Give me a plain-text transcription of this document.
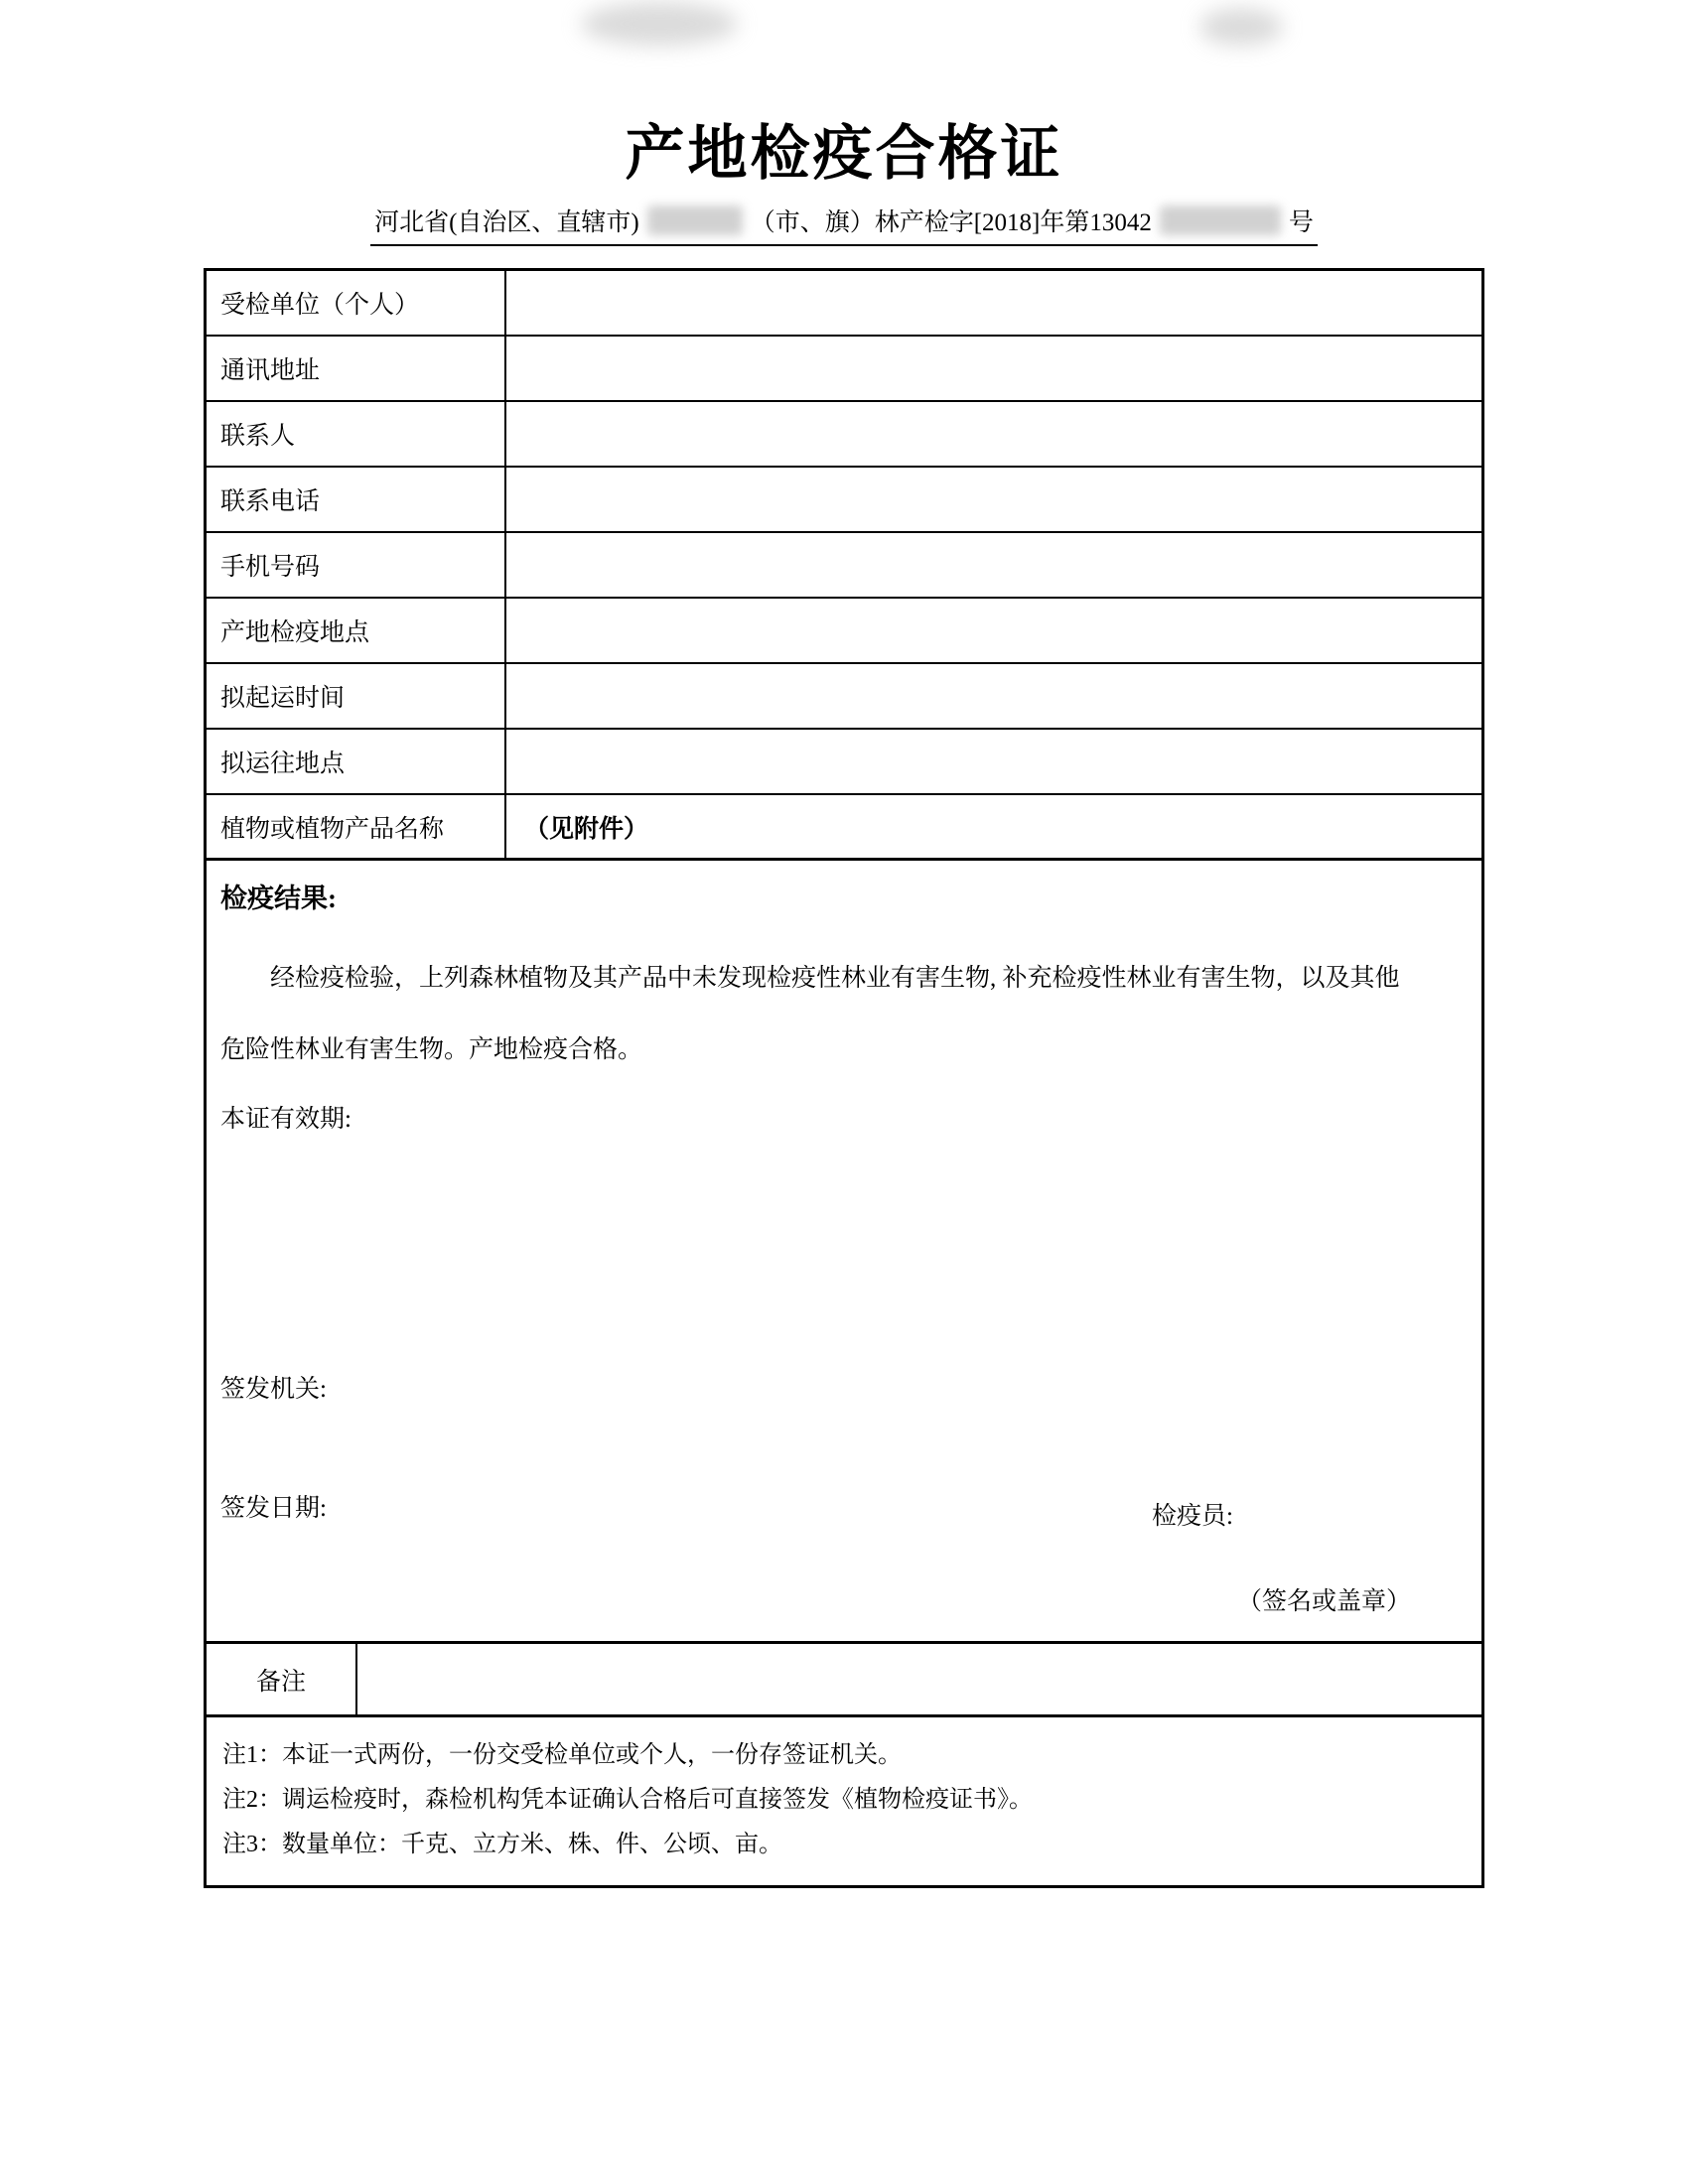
产地检疫合格证
河北省(自治区、直辖市)	（市、旗）林产检字[2018]年第13042	号
受检单位（个人）
通讯地址
联系人
联系电话
手机号码
产地检疫地点
拟起运时间
拟运往地点
植物或植物产品名称	（见附件）
检疫结果:

经检疫检验，上列森林植物及其产品中未发现检疫性林业有害生物, 补充检疫性林业有害生物，以及其他危险性林业有害生物。产地检疫合格。

本证有效期:
签发机关:
签发日期:	检疫员:
（签名或盖章）
备注
注1：本证一式两份，一份交受检单位或个人，一份存签证机关。
注2：调运检疫时，森检机构凭本证确认合格后可直接签发《植物检疫证书》。
注3：数量单位：千克、立方米、株、件、公顷、亩。
